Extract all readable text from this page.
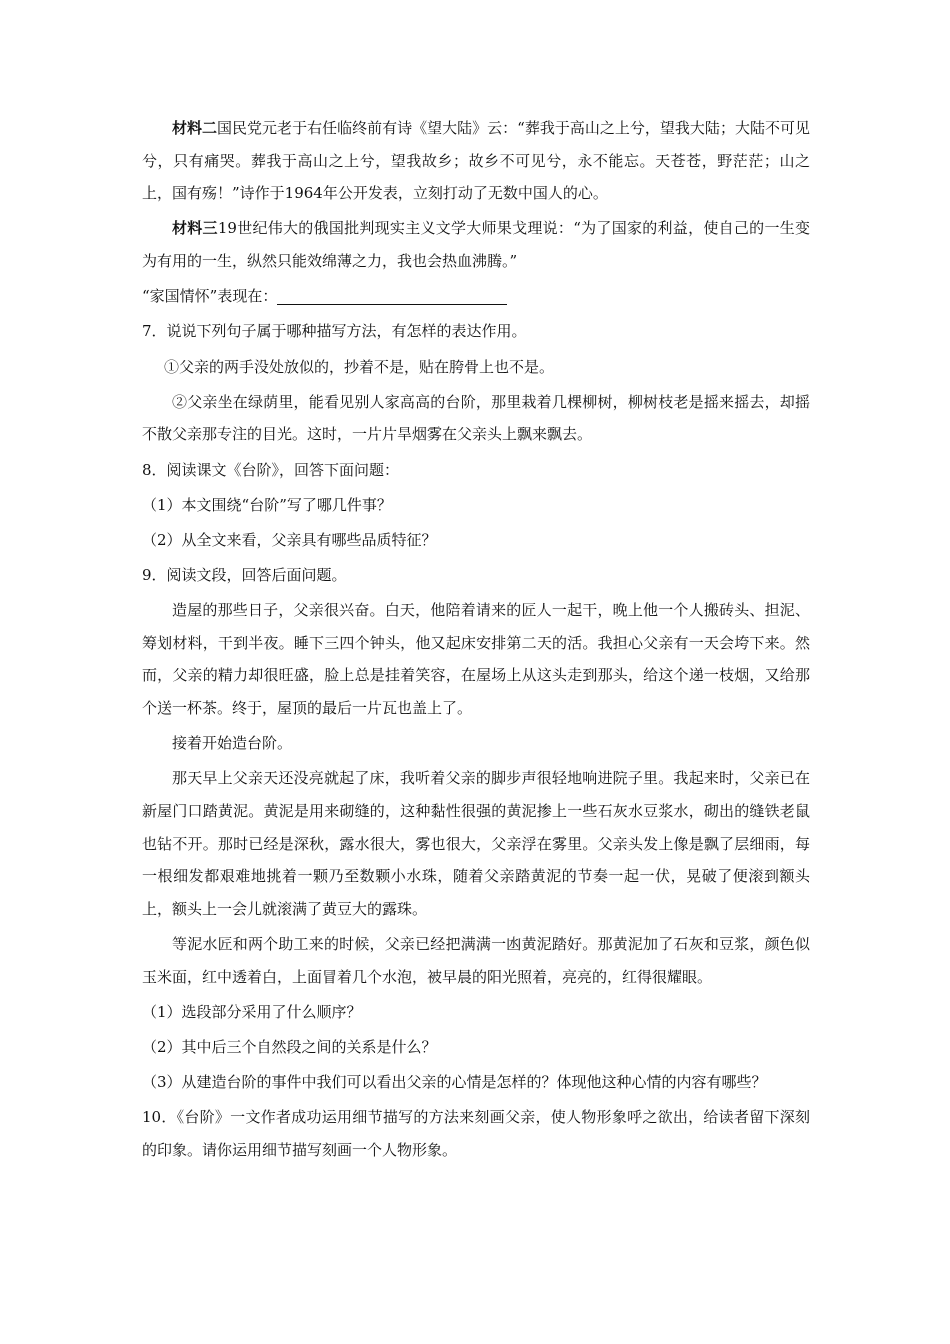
材料二国民党元老于右任临终前有诗《望大陆》云：“葬我于高山之上兮，望我大陆；大陆不可见兮，只有痛哭。葬我于高山之上兮，望我故乡；故乡不可见兮，永不能忘。天苍苍，野茫茫；山之上，国有殇！”诗作于1964年公开发表，立刻打动了无数中国人的心。

材料三19世纪伟大的俄国批判现实主义文学大师果戈理说：“为了国家的利益，使自己的一生变为有用的一生，纵然只能效绵薄之力，我也会热血沸腾。”

“家国情怀”表现在：

7．说说下列句子属于哪种描写方法，有怎样的表达作用。

①父亲的两手没处放似的，抄着不是，贴在胯骨上也不是。

②父亲坐在绿荫里，能看见别人家高高的台阶，那里栽着几棵柳树，柳树枝老是摇来摇去，却摇不散父亲那专注的目光。这时，一片片旱烟雾在父亲头上飘来飘去。

8．阅读课文《台阶》，回答下面问题：

（1）本文围绕“台阶”写了哪几件事？

（2）从全文来看，父亲具有哪些品质特征？

9．阅读文段，回答后面问题。

造屋的那些日子，父亲很兴奋。白天，他陪着请来的匠人一起干，晚上他一个人搬砖头、担泥、筹划材料，干到半夜。睡下三四个钟头，他又起床安排第二天的活。我担心父亲有一天会垮下来。然而，父亲的精力却很旺盛，脸上总是挂着笑容，在屋场上从这头走到那头，给这个递一枝烟，又给那个送一杯茶。终于，屋顶的最后一片瓦也盖上了。

接着开始造台阶。

那天早上父亲天还没亮就起了床，我听着父亲的脚步声很轻地响进院子里。我起来时，父亲已在新屋门口踏黄泥。黄泥是用来砌缝的，这种黏性很强的黄泥掺上一些石灰水豆浆水，砌出的缝铁老鼠也钻不开。那时已经是深秋，露水很大，雾也很大，父亲浮在雾里。父亲头发上像是飘了层细雨，每一根细发都艰难地挑着一颗乃至数颗小水珠，随着父亲踏黄泥的节奏一起一伏，晃破了便滚到额头上，额头上一会儿就滚满了黄豆大的露珠。

等泥水匠和两个助工来的时候，父亲已经把满满一凼黄泥踏好。那黄泥加了石灰和豆浆，颜色似玉米面，红中透着白，上面冒着几个水泡，被早晨的阳光照着，亮亮的，红得很耀眼。

（1）选段部分采用了什么顺序？

（2）其中后三个自然段之间的关系是什么？

（3）从建造台阶的事件中我们可以看出父亲的心情是怎样的？体现他这种心情的内容有哪些？

10．《台阶》一文作者成功运用细节描写的方法来刻画父亲，使人物形象呼之欲出，给读者留下深刻的印象。请你运用细节描写刻画一个人物形象。
